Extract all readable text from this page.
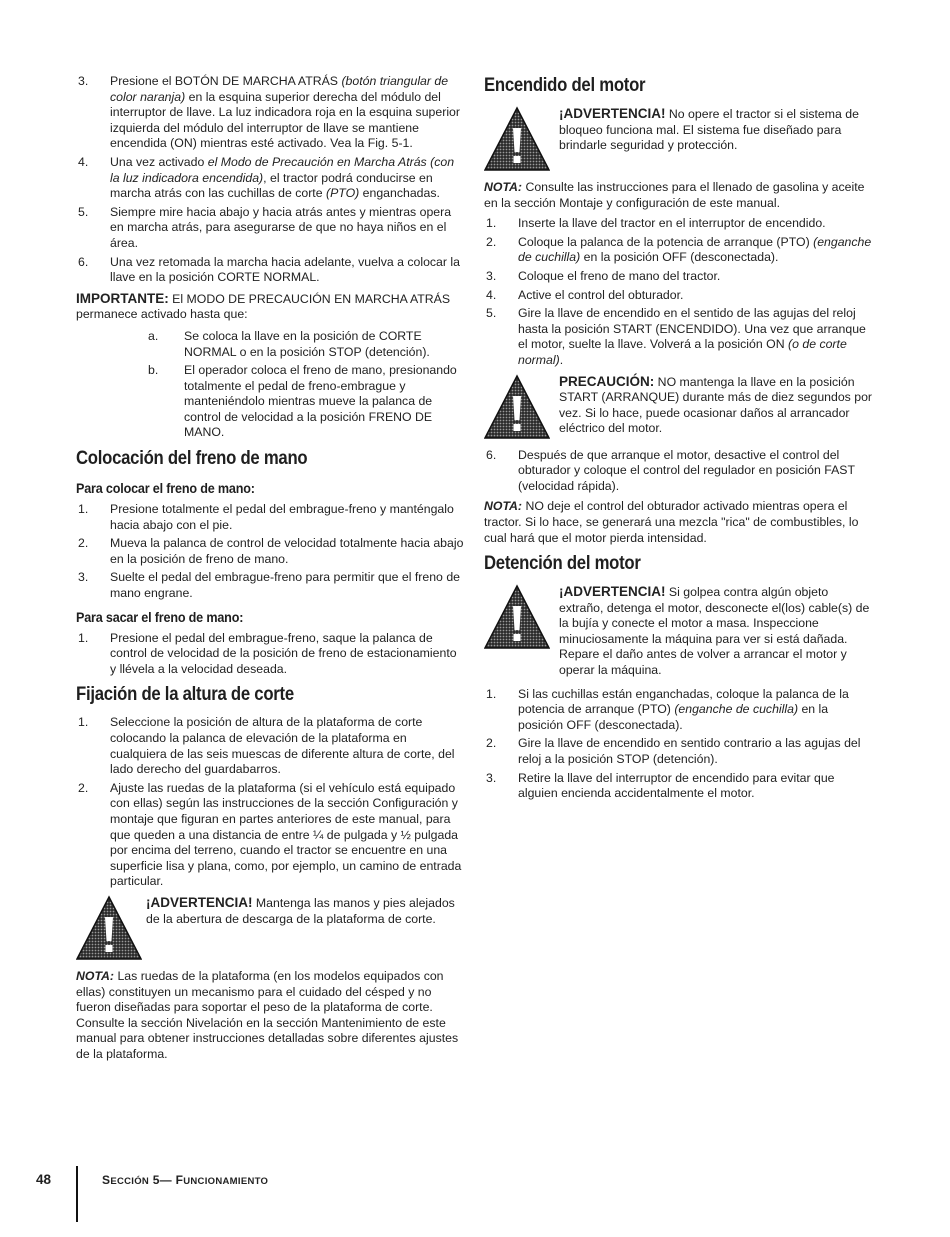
3. Presione el BOTÓN DE MARCHA ATRÁS (botón triangular de color naranja) en la esquina superior derecha del módulo del interruptor de llave. La luz indicadora roja en la esquina superior izquierda del módulo del interruptor de llave se mantiene encendida (ON) mientras esté activado. Vea la Fig. 5-1.
4. Una vez activado el Modo de Precaución en Marcha Atrás (con la luz indicadora encendida), el tractor podrá conducirse en marcha atrás con las cuchillas de corte (PTO) enganchadas.
5. Siempre mire hacia abajo y hacia atrás antes y mientras opera en marcha atrás, para asegurarse de que no haya niños en el área.
6. Una vez retomada la marcha hacia adelante, vuelva a colocar la llave en la posición CORTE NORMAL.

IMPORTANTE: El MODO DE PRECAUCIÓN EN MARCHA ATRÁS permanece activado hasta que:

a. Se coloca la llave en la posición de CORTE NORMAL o en la posición STOP (detención).
b. El operador coloca el freno de mano, presionando totalmente el pedal de freno-embrague y manteniéndolo mientras mueve la palanca de control de velocidad a la posición FRENO DE MANO.
Colocación del freno de mano
Para colocar el freno de mano:
1. Presione totalmente el pedal del embrague-freno y manténgalo hacia abajo con el pie.
2. Mueva la palanca de control de velocidad totalmente hacia abajo en la posición de freno de mano.
3. Suelte el pedal del embrague-freno para permitir que el freno de mano engrane.
Para sacar el freno de mano:
1. Presione el pedal del embrague-freno, saque la palanca de control de velocidad de la posición de freno de estacionamiento y llévela a la velocidad deseada.
Fijación de la altura de corte
1. Seleccione la posición de altura de la plataforma de corte colocando la palanca de elevación de la plataforma en cualquiera de las seis muescas de diferente altura de corte, del lado derecho del guardabarros.
2. Ajuste las ruedas de la plataforma (si el vehículo está equipado con ellas) según las instrucciones de la sección Configuración y montaje que figuran en partes anteriores de este manual, para que queden a una distancia de entre ¼ de pulgada y ½ pulgada por encima del terreno, cuando el tractor se encuentre en una superficie lisa y plana, como, por ejemplo, un camino de entrada particular.

¡ADVERTENCIA! Mantenga las manos y pies alejados de la abertura de descarga de la plataforma de corte.

NOTA: Las ruedas de la plataforma (en los modelos equipados con ellas) constituyen un mecanismo para el cuidado del césped y no fueron diseñadas para soportar el peso de la plataforma de corte. Consulte la sección Nivelación en la sección Mantenimiento de este manual para obtener instrucciones detalladas sobre diferentes ajustes de la plataforma.

Encendido del motor

¡ADVERTENCIA! No opere el tractor si el sistema de bloqueo funciona mal. El sistema fue diseñado para brindarle seguridad y protección.

NOTA: Consulte las instrucciones para el llenado de gasolina y aceite en la sección Montaje y configuración de este manual.

1. Inserte la llave del tractor en el interruptor de encendido.
2. Coloque la palanca de la potencia de arranque (PTO) (enganche de cuchilla) en la posición OFF (desconectada).
3. Coloque el freno de mano del tractor.
4. Active el control del obturador.
5. Gire la llave de encendido en el sentido de las agujas del reloj hasta la posición START (ENCENDIDO). Una vez que arranque el motor, suelte la llave. Volverá a la posición ON (o de corte normal).

PRECAUCIÓN: NO mantenga la llave en la posición START (ARRANQUE) durante más de diez segundos por vez. Si lo hace, puede ocasionar daños al arrancador eléctrico del motor.

6. Después de que arranque el motor, desactive el control del obturador y coloque el control del regulador en posición FAST (velocidad rápida).

NOTA: NO deje el control del obturador activado mientras opera el tractor. Si lo hace, se generará una mezcla "rica" de combustibles, lo cual hará que el motor pierda intensidad.

Detención del motor

¡ADVERTENCIA! Si golpea contra algún objeto extraño, detenga el motor, desconecte el(los) cable(s) de la bujía y conecte el motor a masa. Inspeccione minuciosamente la máquina para ver si está dañada. Repare el daño antes de volver a arrancar el motor y operar la máquina.

1. Si las cuchillas están enganchadas, coloque la palanca de la potencia de arranque (PTO) (enganche de cuchilla) en la posición OFF (desconectada).
2. Gire la llave de encendido en sentido contrario a las agujas del reloj a la posición STOP (detención).
3. Retire la llave del interruptor de encendido para evitar que alguien encienda accidentalmente el motor.
48	SECCIÓN 5— FUNCIONAMIENTO
